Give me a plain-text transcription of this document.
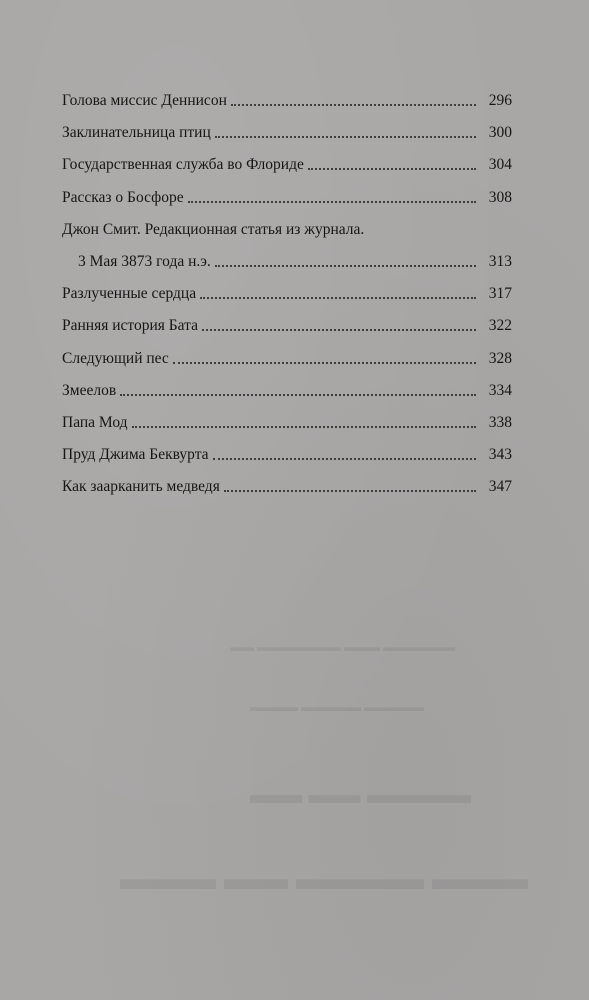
▬▬▬▬ ▬▬ ▬▬
▬▬▬ ▬▬▬▬ ▬▬ ▬▬▬
▬▬▬▬▬▬ ▬▬▬ ▬▬▬▬▬▬▬ ▬▬
▬▬▬▬▬ ▬▬▬▬▬ ▬▬▬▬
Голова миссис Деннисон	296
Заклинательница птиц	300
Государственная служба во Флориде	304
Рассказ о Босфоре	308
Джон Смит. Редакционная статья из журнала.
3 Мая 3873 года н.э.	313
Разлученные сердца	317
Ранняя история Бата	322
Следующий пес	328
Змеелов	334
Папа Мод	338
Пруд Джима Беквурта	343
Как заарканить медведя	347
